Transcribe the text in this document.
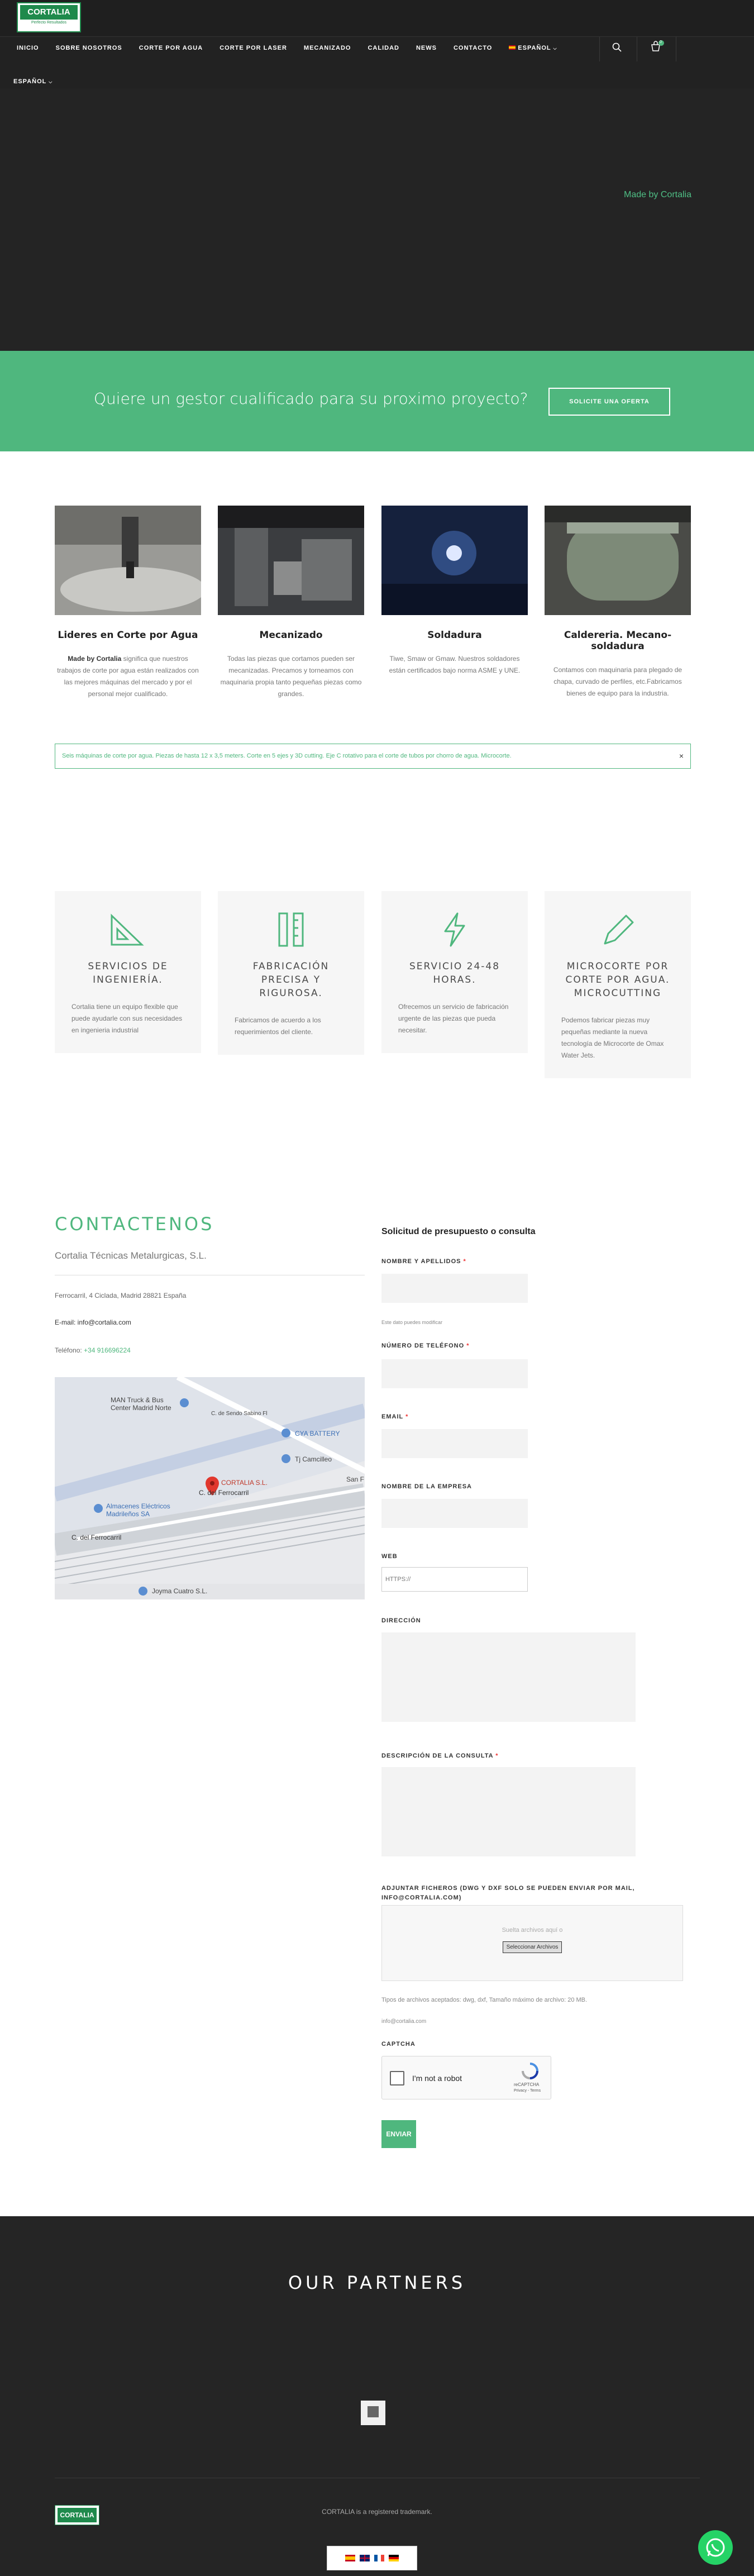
CORTALIA
Perfecto Resultados
INICIO	SOBRE NOSOTROS	CORTE POR AGUA	CORTE POR LASER	MECANIZADO	CALIDAD	NEWS	CONTACTO	ESPAÑOL ⌵
0
ESPAÑOL ⌵
Made by Cortalia
Quiere un gestor cualificado para su proximo proyecto?	SOLICITE UNA OFERTA
Lideres en Corte por Agua

Made by Cortalia significa que nuestros trabajos de corte por agua están realizados con las mejores máquinas del mercado y por el personal mejor cualificado.

Mecanizado

Todas las piezas que cortamos pueden ser mecanizadas. Precamos y torneamos con maquinaria propia tanto pequeñas piezas como grandes.

Soldadura

Tiwe, Smaw or Gmaw. Nuestros soldadores están certificados bajo norma ASME y UNE.

Caldereria. Mecano-soldadura

Contamos con maquinaria para plegado de chapa, curvado de perfiles, etc.Fabricamos bienes de equipo para la industria.

Seis máquinas de corte por agua. Piezas de hasta 12 x 3,5 meters. Corte en 5 ejes y 3D cutting. Eje C rotativo para el corte de tubos por chorro de agua. Microcorte.	×
SERVICIOS DE INGENIERÍA.

Cortalia tiene un equipo flexible que puede ayudarle con sus necesidades en ingenieria industrial

FABRICACIÓN PRECISA Y RIGUROSA.

Fabricamos de acuerdo a los requerimientos del cliente.

SERVICIO 24-48 HORAS.

Ofrecemos un servicio de fabricación urgente de las piezas que pueda necesitar.

MICROCORTE POR CORTE POR AGUA. MICROCUTTING

Podemos fabricar piezas muy pequeñas mediante la nueva tecnología de Microcorte de Omax Water Jets.

CONTACTENOS
Cortalia Técnicas Metalurgicas, S.L.
Ferrocarril, 4 Ciclada, Madrid 28821 España
E-mail: info@cortalia.com
Teléfono: +34 916696224
MAN Truck & Bus Center Madrid Norte
CYA BATTERY
Tj Camcilleo
CORTALIA S.L.
Almacenes Eléctricos Madrileños SA
C. del Ferrocarril
C. del Ferrocarril
Joyma Cuatro S.L.
San F
C. de Sendo Sabino Fl
Solicitud de presupuesto o consulta
NOMBRE Y APELLIDOS *
Este dato puedes modificar
NÚMERO DE TELÉFONO *
EMAIL *
NOMBRE DE LA EMPRESA
WEB
HTTPS://
DIRECCIÓN
DESCRIPCIÓN DE LA CONSULTA *
ADJUNTAR FICHEROS (DWG Y DXF SOLO SE PUEDEN ENVIAR POR MAIL, INFO@CORTALIA.COM)
Suelta archivos aquí o
Seleccionar Archivos
Tipos de archivos aceptados: dwg, dxf, Tamaño máximo de archivo: 20 MB.
info@cortalia.com
CAPTCHA
I'm not a robot
reCAPTCHA
Privacy - Terms
ENVIAR
OUR PARTNERS
CORTALIA	CORTALIA is a registered trademark.
